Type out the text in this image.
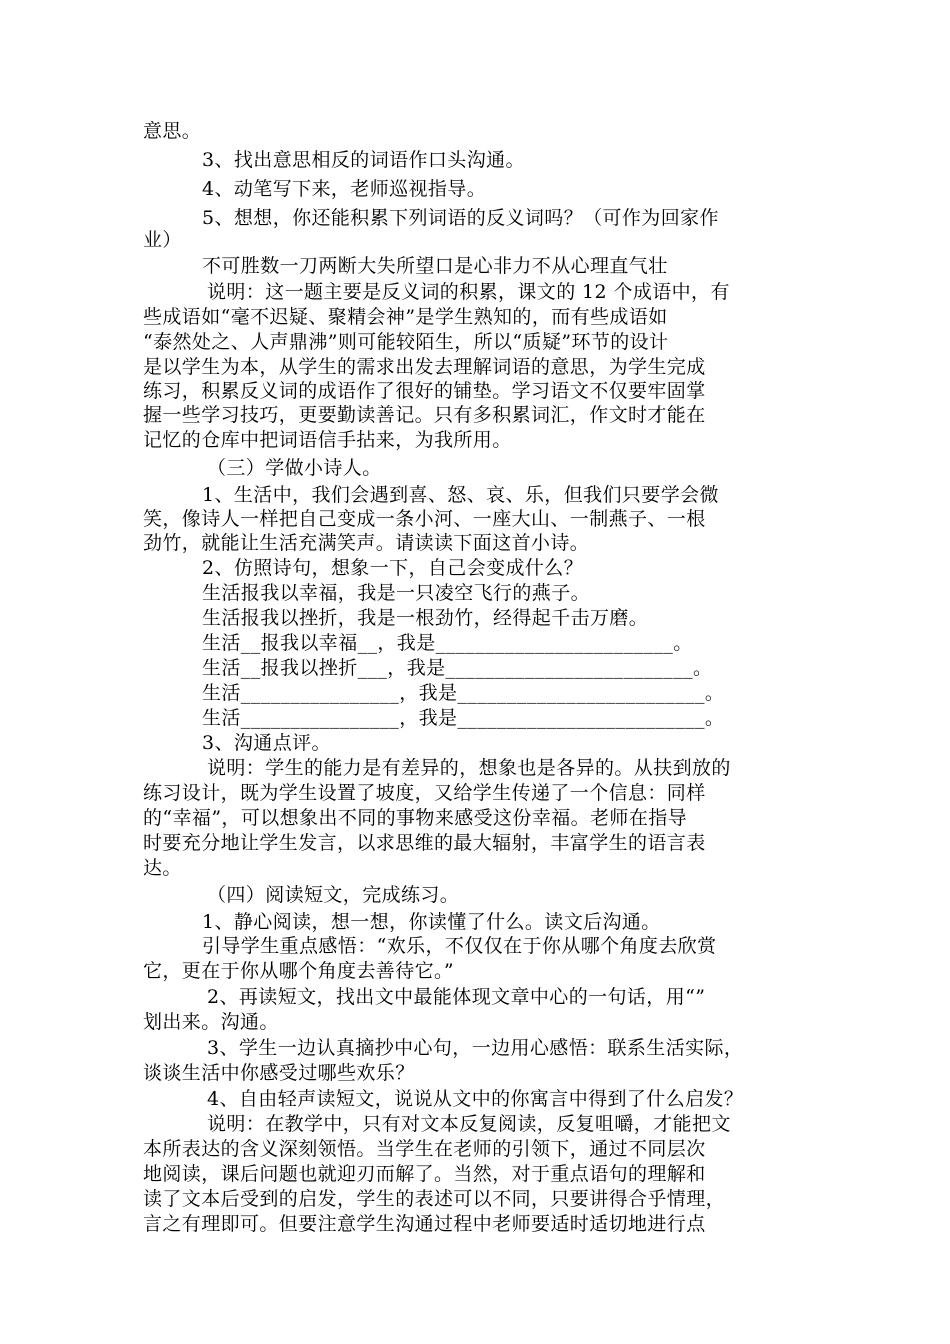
意思。
3、找出意思相反的词语作口头沟通。
4、动笔写下来，老师巡视指导。
5、想想，你还能积累下列词语的反义词吗？（可作为回家作
业）
不可胜数一刀两断大失所望口是心非力不从心理直气壮
说明：这一题主要是反义词的积累，课文的 12 个成语中，有
些成语如“毫不迟疑、聚精会神”是学生熟知的，而有些成语如
“泰然处之、人声鼎沸”则可能较陌生，所以“质疑”环节的设计
是以学生为本，从学生的需求出发去理解词语的意思，为学生完成
练习，积累反义词的成语作了很好的铺垫。学习语文不仅要牢固掌
握一些学习技巧，更要勤读善记。只有多积累词汇，作文时才能在
记忆的仓库中把词语信手拈来，为我所用。
（三）学做小诗人。
1、生活中，我们会遇到喜、怒、哀、乐，但我们只要学会微
笑，像诗人一样把自己变成一条小河、一座大山、一制燕子、一根
劲竹，就能让生活充满笑声。请读读下面这首小诗。
2、仿照诗句，想象一下，自己会变成什么？
生活报我以幸福，我是一只凌空飞行的燕子。
生活报我以挫折，我是一根劲竹，经得起千击万磨。
生活__报我以幸福__，我是________________________。
生活__报我以挫折___，我是_________________________。
生活________________，我是_________________________。
生活________________，我是_________________________。
3、沟通点评。
说明：学生的能力是有差异的，想象也是各异的。从扶到放的
练习设计，既为学生设置了坡度，又给学生传递了一个信息：同样
的“幸福”，可以想象出不同的事物来感受这份幸福。老师在指导
时要充分地让学生发言，以求思维的最大辐射，丰富学生的语言表
达。
（四）阅读短文，完成练习。
1、静心阅读，想一想，你读懂了什么。读文后沟通。
引导学生重点感悟：“欢乐，不仅仅在于你从哪个角度去欣赏
它，更在于你从哪个角度去善待它。”
2、再读短文，找出文中最能体现文章中心的一句话，用“”
划出来。沟通。
3、学生一边认真摘抄中心句，一边用心感悟：联系生活实际，
谈谈生活中你感受过哪些欢乐？
4、自由轻声读短文，说说从文中的你寓言中得到了什么启发？
说明：在教学中，只有对文本反复阅读，反复咀嚼，才能把文
本所表达的含义深刻领悟。当学生在老师的引领下，通过不同层次
地阅读，课后问题也就迎刃而解了。当然，对于重点语句的理解和
读了文本后受到的启发，学生的表述可以不同，只要讲得合乎情理，
言之有理即可。但要注意学生沟通过程中老师要适时适切地进行点
